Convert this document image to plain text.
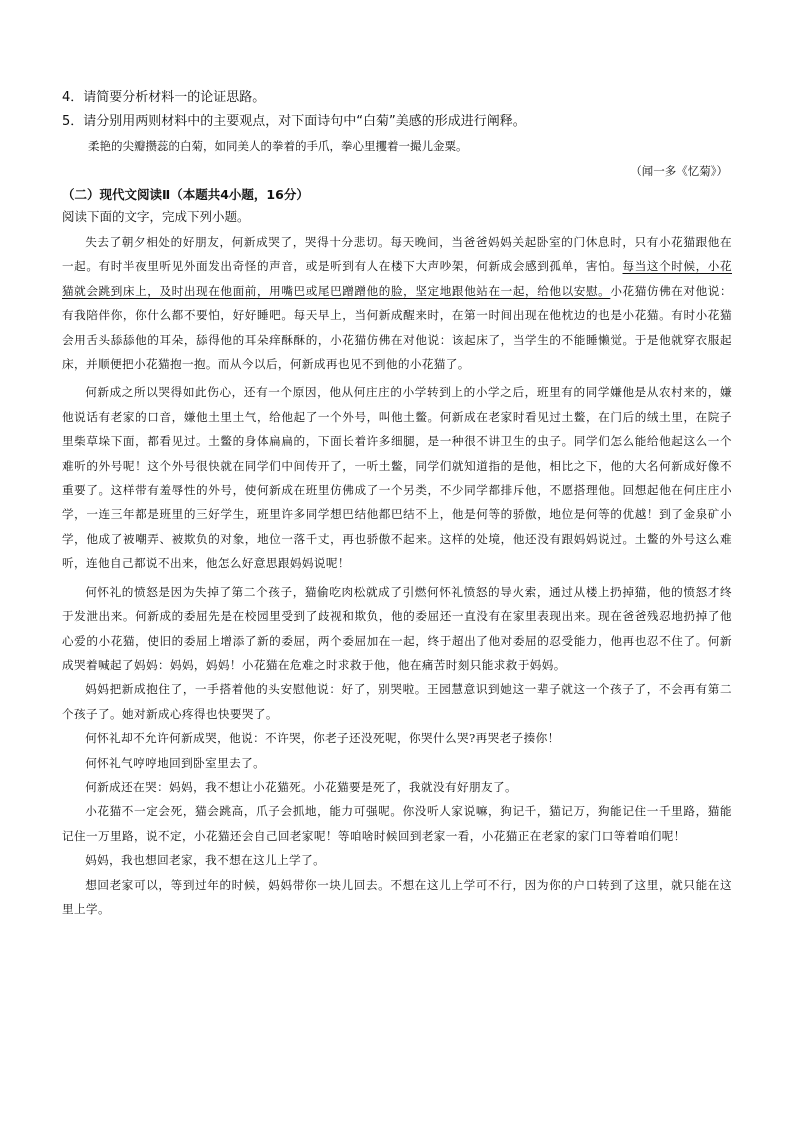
4．请简要分析材料一的论证思路。

5．请分别用两则材料中的主要观点，对下面诗句中“白菊”美感的形成进行阐释。

柔艳的尖瓣攒蕊的白菊，如同美人的拳着的手爪，拳心里攫着一撮儿金粟。

（闻一多《忆菊》）

（二）现代文阅读Ⅱ（本题共4小题，16分）

阅读下面的文字，完成下列小题。

失去了朝夕相处的好朋友，何新成哭了，哭得十分悲切。每天晚间，当爸爸妈妈关起卧室的门休息时，只有小花猫跟他在一起。有时半夜里听见外面发出奇怪的声音，或是听到有人在楼下大声吵架，何新成会感到孤单，害怕。每当这个时候，小花猫就会跳到床上，及时出现在他面前，用嘴巴或尾巴蹭蹭他的脸，坚定地跟他站在一起，给他以安慰。小花猫仿佛在对他说：有我陪伴你，你什么都不要怕，好好睡吧。每天早上，当何新成醒来时，在第一时间出现在他枕边的也是小花猫。有时小花猫会用舌头舔舔他的耳朵，舔得他的耳朵痒酥酥的，小花猫仿佛在对他说：该起床了，当学生的不能睡懒觉。于是他就穿衣服起床，并顺便把小花猫抱一抱。而从今以后，何新成再也见不到他的小花猫了。

何新成之所以哭得如此伤心，还有一个原因，他从何庄庄的小学转到上的小学之后，班里有的同学嫌他是从农村来的，嫌他说话有老家的口音，嫌他土里土气，给他起了一个外号，叫他土鳖。何新成在老家时看见过土鳖，在门后的绒土里，在院子里柴草垛下面，都看见过。土鳖的身体扁扁的，下面长着许多细腿，是一种很不讲卫生的虫子。同学们怎么能给他起这么一个难听的外号呢！这个外号很快就在同学们中间传开了，一听土鳖，同学们就知道指的是他，相比之下，他的大名何新成好像不重要了。这样带有羞辱性的外号，使何新成在班里仿佛成了一个另类，不少同学都排斥他，不愿搭理他。回想起他在何庄庄小学，一连三年都是班里的三好学生，班里许多同学想巴结他都巴结不上，他是何等的骄傲，地位是何等的优越！到了金泉矿小学，他成了被嘲弄、被欺负的对象，地位一落千丈，再也骄傲不起来。这样的处境，他还没有跟妈妈说过。土鳖的外号这么难听，连他自己都说不出来，他怎么好意思跟妈妈说呢！

何怀礼的愤怒是因为失掉了第二个孩子，猫偷吃肉松就成了引燃何怀礼愤怒的导火索，通过从楼上扔掉猫，他的愤怒才终于发泄出来。何新成的委屈先是在校园里受到了歧视和欺负，他的委屈还一直没有在家里表现出来。现在爸爸残忍地扔掉了他心爱的小花猫，使旧的委屈上增添了新的委屈，两个委屈加在一起，终于超出了他对委屈的忍受能力，他再也忍不住了。何新成哭着喊起了妈妈：妈妈，妈妈！小花猫在危难之时求救于他，他在痛苦时刻只能求救于妈妈。

妈妈把新成抱住了，一手搭着他的头安慰他说：好了，别哭啦。王园慧意识到她这一辈子就这一个孩子了，不会再有第二个孩子了。她对新成心疼得也快要哭了。

何怀礼却不允许何新成哭，他说：不许哭，你老子还没死呢，你哭什么哭?再哭老子揍你！

何怀礼气哼哼地回到卧室里去了。

何新成还在哭：妈妈，我不想让小花猫死。小花猫要是死了，我就没有好朋友了。

小花猫不一定会死，猫会跳高，爪子会抓地，能力可强呢。你没听人家说嘛，狗记千，猫记万，狗能记住一千里路，猫能记住一万里路，说不定，小花猫还会自己回老家呢！等咱啥时候回到老家一看，小花猫正在老家的家门口等着咱们呢！

妈妈，我也想回老家，我不想在这儿上学了。

想回老家可以，等到过年的时候，妈妈带你一块儿回去。不想在这儿上学可不行，因为你的户口转到了这里，就只能在这里上学。
